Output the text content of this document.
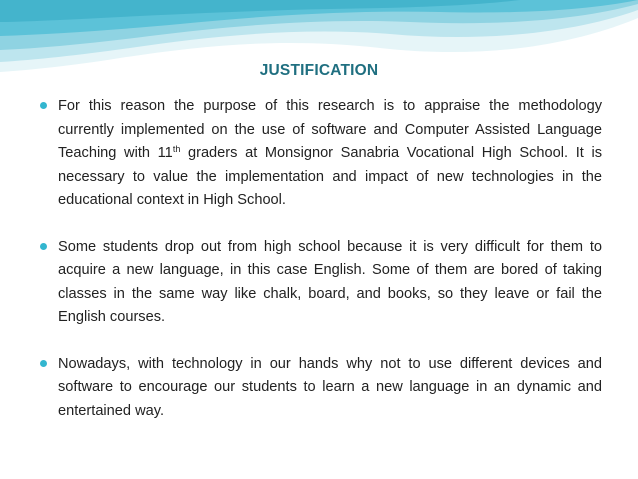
JUSTIFICATION
For this reason the purpose of this research is to appraise the methodology currently implemented on the use of software and Computer Assisted Language Teaching with 11th graders at Monsignor Sanabria Vocational High School. It is necessary to value the implementation and impact of new technologies in the educational context in High School.
Some students drop out from high school because it is very difficult for them to acquire a new language, in this case English. Some of them are bored of taking classes in the same way like chalk, board, and books, so they leave or fail the English courses.
Nowadays, with technology in our hands why not to use different devices and software to encourage our students to learn a new language in an dynamic and entertained way.
